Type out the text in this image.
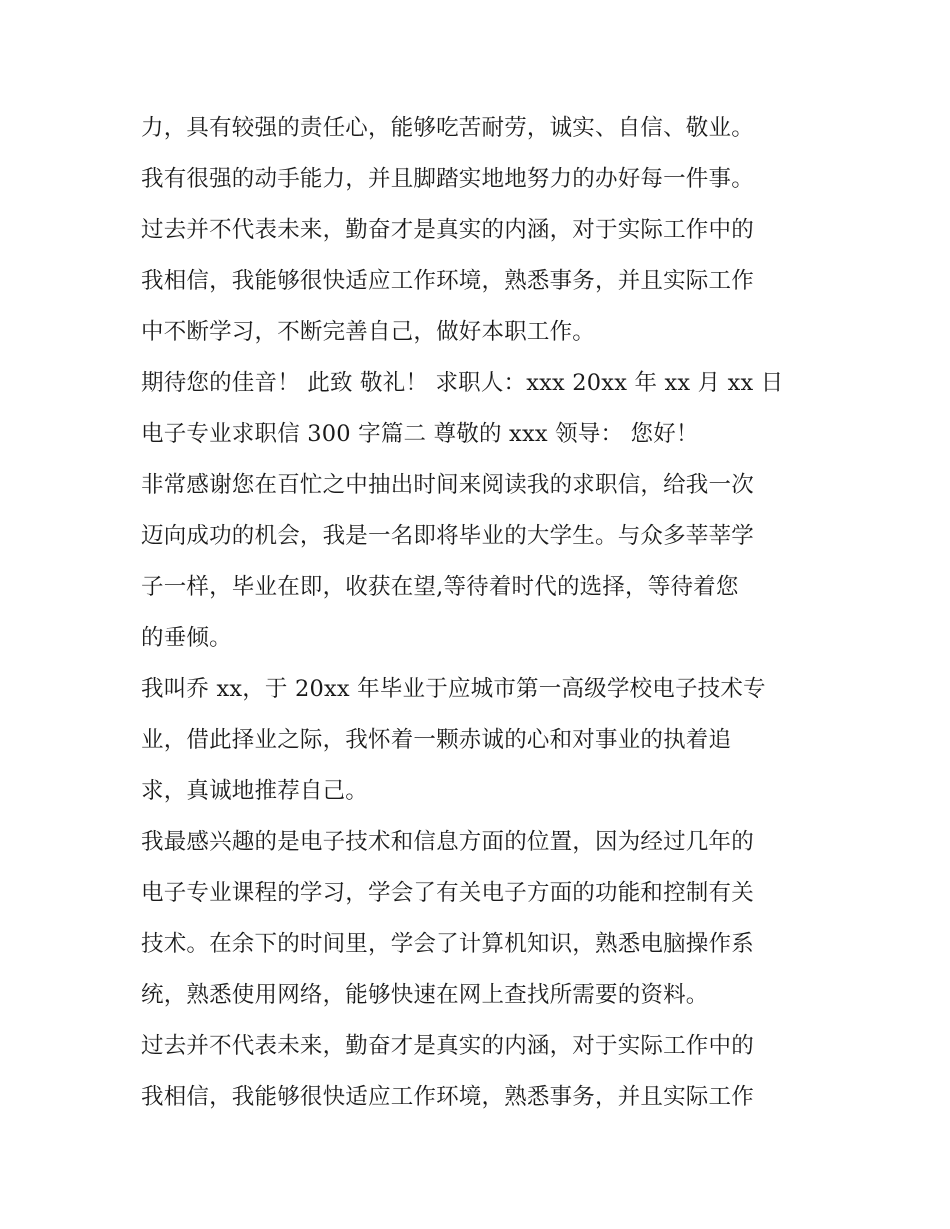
力，具有较强的责任心，能够吃苦耐劳，诚实、自信、敬业。
我有很强的动手能力，并且脚踏实地地努力的办好每一件事。
过去并不代表未来，勤奋才是真实的内涵，对于实际工作中的
我相信，我能够很快适应工作环境，熟悉事务，并且实际工作
中不断学习，不断完善自己，做好本职工作。
期待您的佳音！ 此致 敬礼！ 求职人：xxx 20xx 年 xx 月 xx 日
电子专业求职信 300 字篇二 尊敬的 xxx 领导： 您好！
非常感谢您在百忙之中抽出时间来阅读我的求职信，给我一次
迈向成功的机会，我是一名即将毕业的大学生。与众多莘莘学
子一样，毕业在即，收获在望,等待着时代的选择，等待着您
的垂倾。
我叫乔 xx，于 20xx 年毕业于应城市第一高级学校电子技术专
业，借此择业之际，我怀着一颗赤诚的心和对事业的执着追
求，真诚地推荐自己。
我最感兴趣的是电子技术和信息方面的位置，因为经过几年的
电子专业课程的学习，学会了有关电子方面的功能和控制有关
技术。在余下的时间里，学会了计算机知识，熟悉电脑操作系
统，熟悉使用网络，能够快速在网上查找所需要的资料。
过去并不代表未来，勤奋才是真实的内涵，对于实际工作中的
我相信，我能够很快适应工作环境，熟悉事务，并且实际工作
